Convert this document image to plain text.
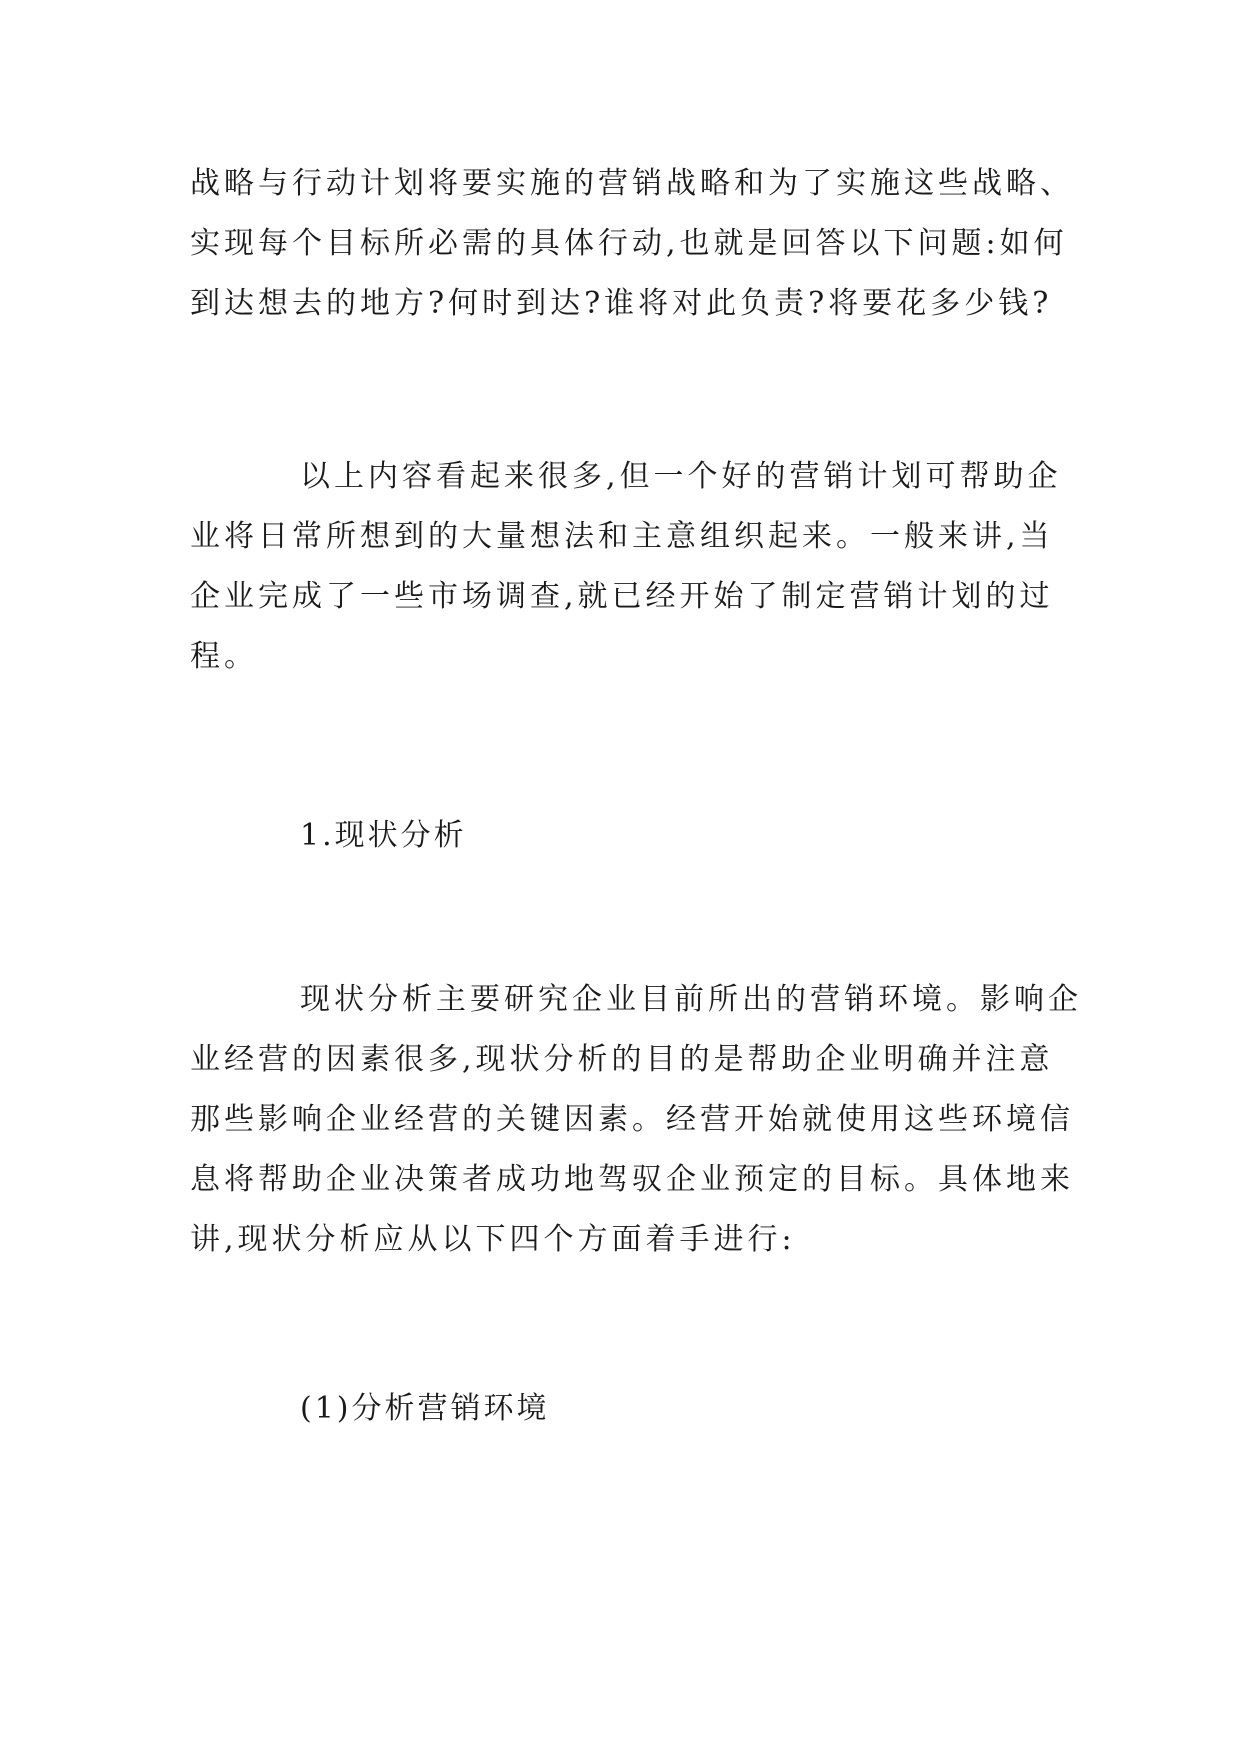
战略与行动计划将要实施的营销战略和为了实施这些战略、
实现每个目标所必需的具体行动,也就是回答以下问题:如何
到达想去的地方?何时到达?谁将对此负责?将要花多少钱?

以上内容看起来很多,但一个好的营销计划可帮助企
业将日常所想到的大量想法和主意组织起来。一般来讲,当
企业完成了一些市场调查,就已经开始了制定营销计划的过
程。

1.现状分析

现状分析主要研究企业目前所出的营销环境。影响企
业经营的因素很多,现状分析的目的是帮助企业明确并注意
那些影响企业经营的关键因素。经营开始就使用这些环境信
息将帮助企业决策者成功地驾驭企业预定的目标。具体地来
讲,现状分析应从以下四个方面着手进行:

(1)分析营销环境
